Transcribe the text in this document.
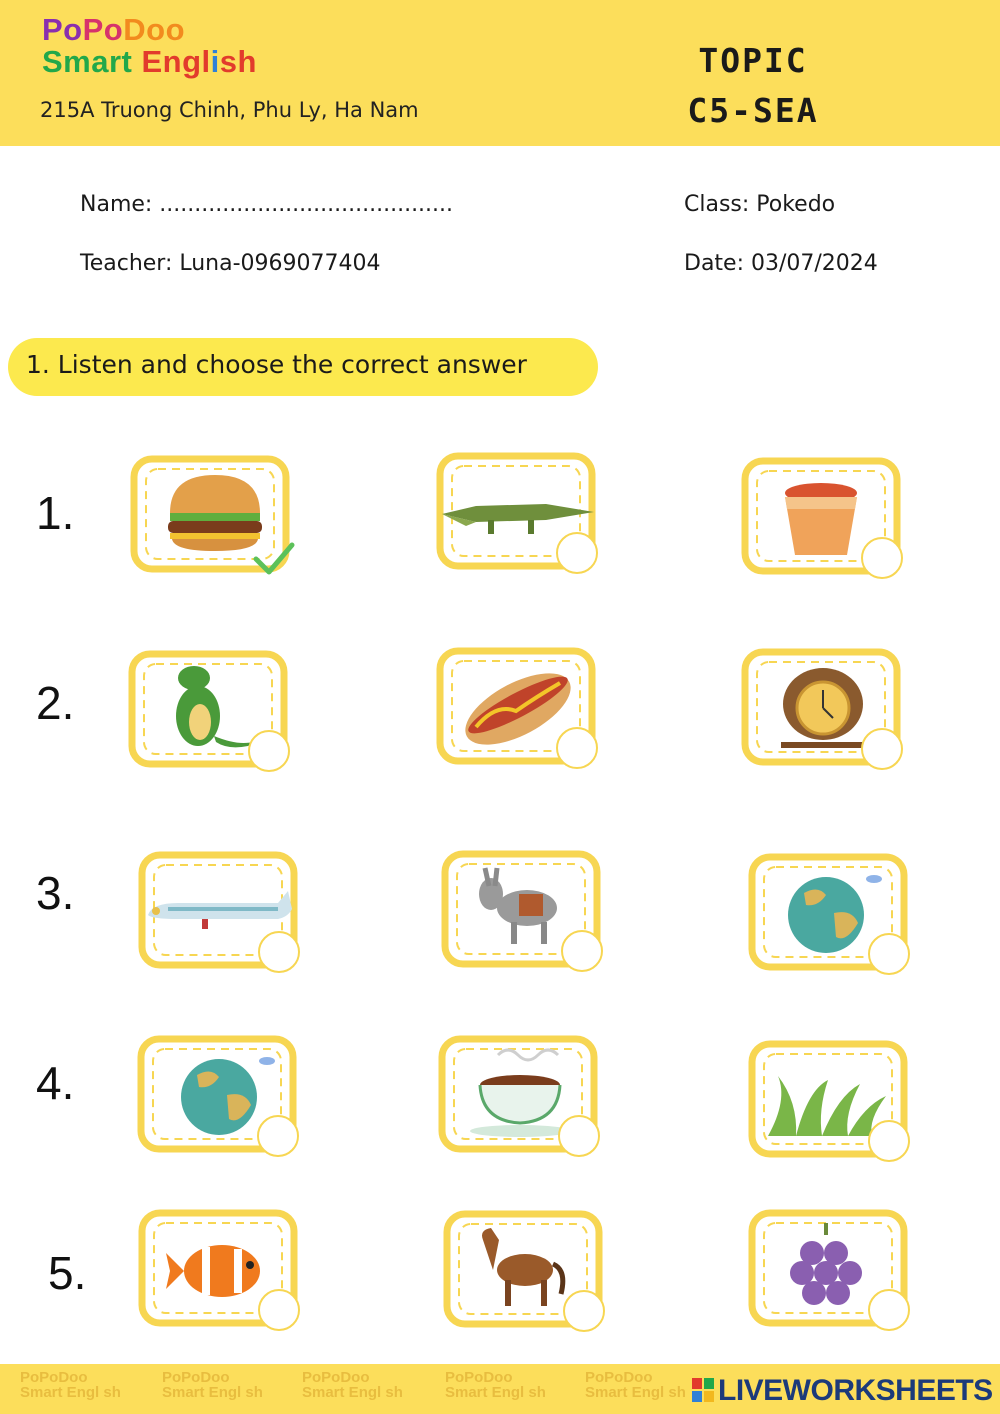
PoPoDoo
Smart English
215A Truong Chinh, Phu Ly, Ha Nam
TOPIC
C5-SEA
Name: ..........................................
Teacher: Luna-0969077404
Class: Pokedo
Date: 03/07/2024
1. Listen and choose the correct answer
1.
2.
3.
4.
5.
PoPoDoo
Smart Engl sh
PoPoDoo
Smart Engl sh
PoPoDoo
Smart Engl sh
PoPoDoo
Smart Engl sh
PoPoDoo
Smart Engl sh LIVEWORKSHEETS
